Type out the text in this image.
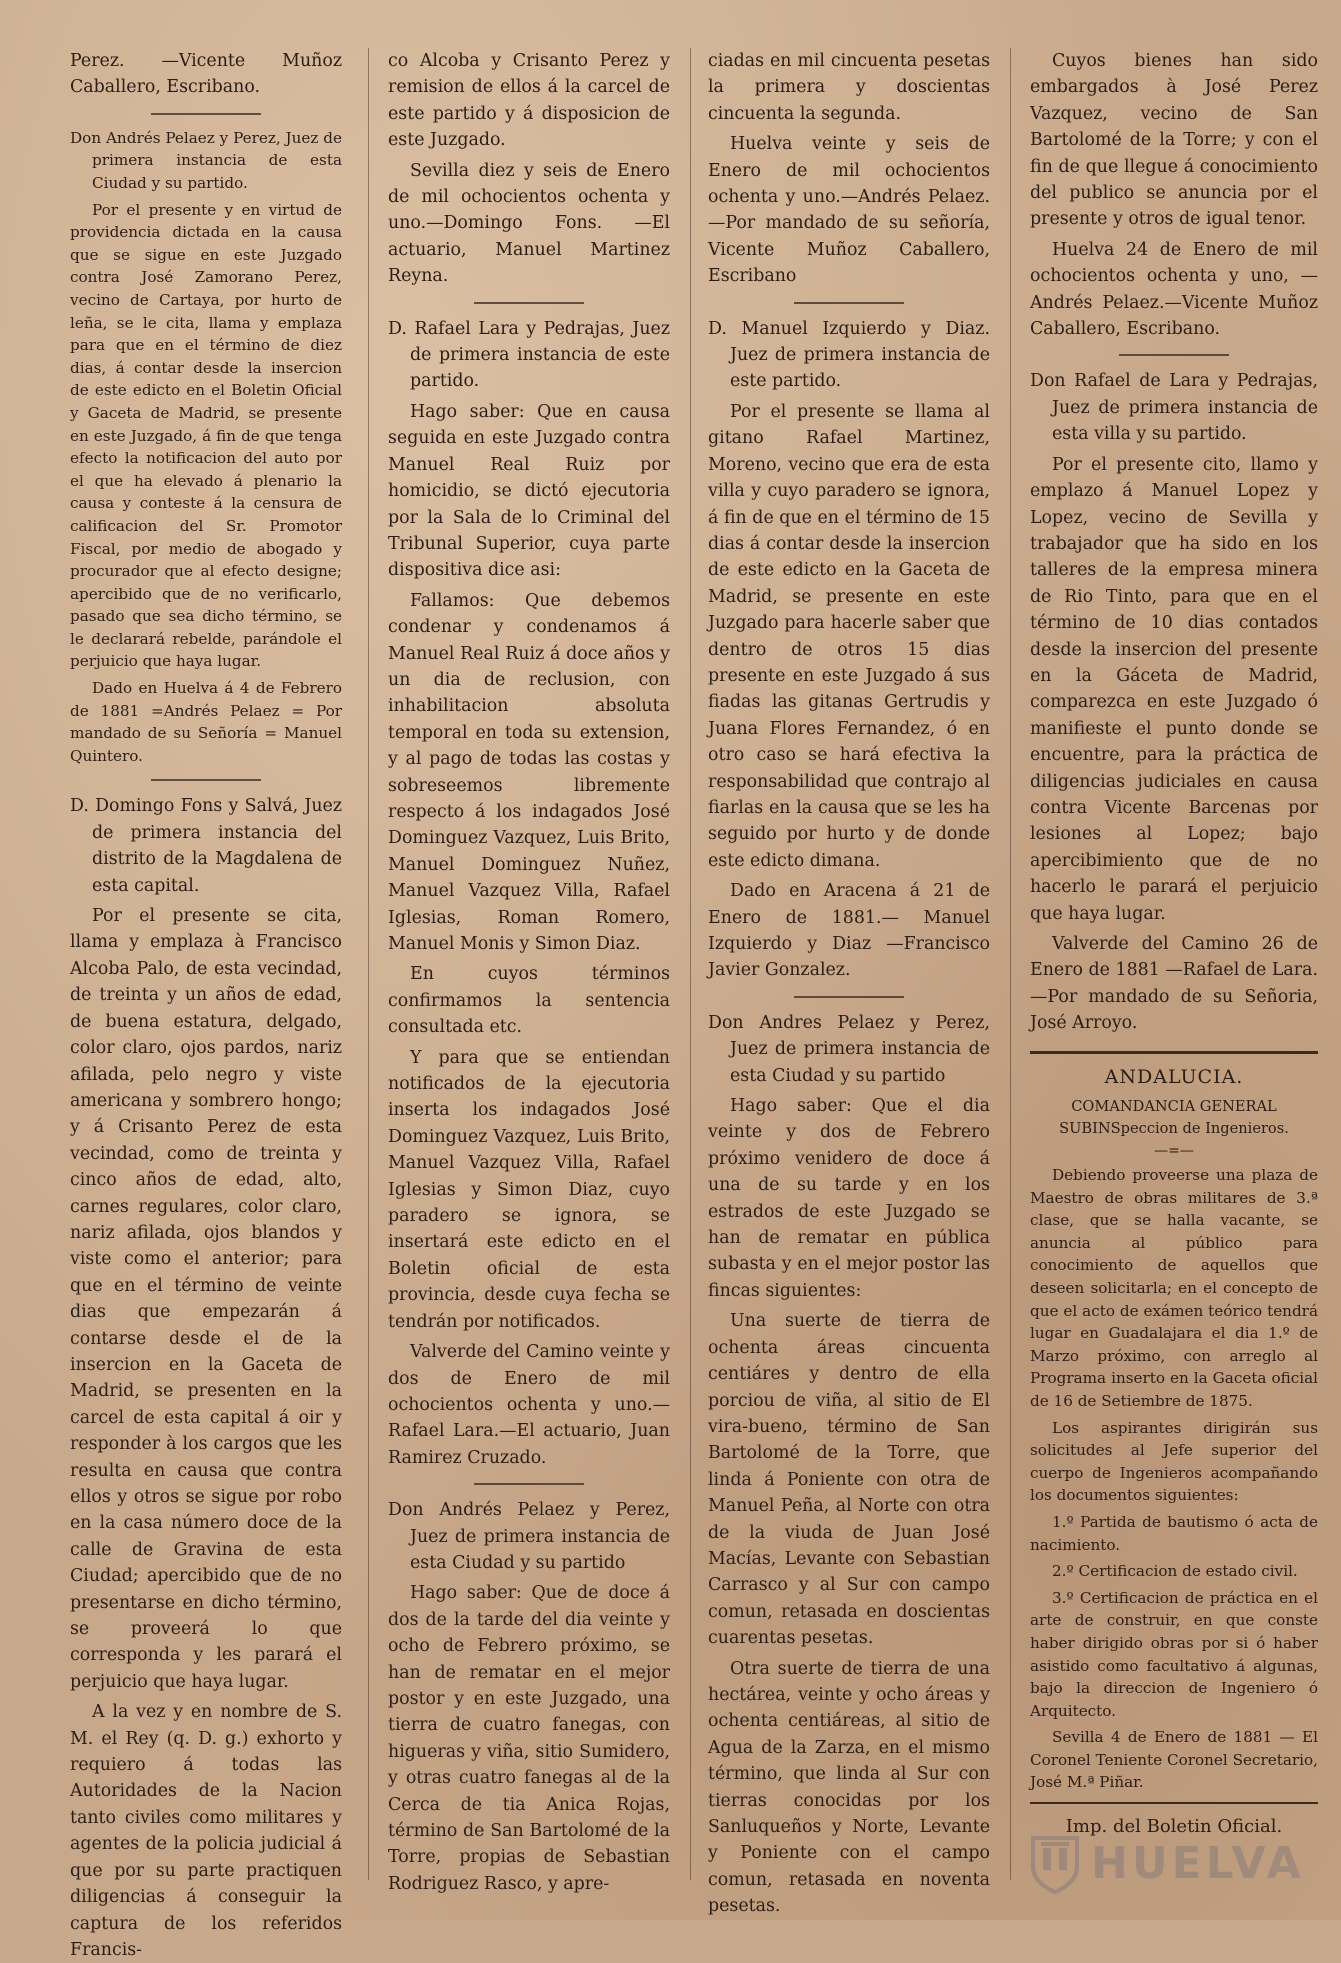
Perez. —Vicente Muñoz Caballero, Escribano.

Don Andrés Pelaez y Perez, Juez de primera instancia de esta Ciudad y su partido.

Por el presente y en virtud de providencia dictada en la causa que se sigue en este Juzgado contra José Zamorano Perez, vecino de Cartaya, por hurto de leña, se le cita, llama y emplaza para que en el término de diez dias, á contar desde la insercion de este edicto en el Boletin Oficial y Gaceta de Madrid, se presente en este Juzgado, á fin de que tenga efecto la notificacion del auto por el que ha elevado á plenario la causa y conteste á la censura de calificacion del Sr. Promotor Fiscal, por medio de abogado y procurador que al efecto designe; apercibido que de no verificarlo, pasado que sea dicho término, se le declarará rebelde, parándole el perjuicio que haya lugar.

Dado en Huelva á 4 de Febrero de 1881 =Andrés Pelaez = Por mandado de su Señoría = Manuel Quintero.

D. Domingo Fons y Salvá, Juez de primera instancia del distrito de la Magdalena de esta capital.

Por el presente se cita, llama y emplaza à Francisco Alcoba Palo, de esta vecindad, de treinta y un años de edad, de buena estatura, delgado, color claro, ojos pardos, nariz afilada, pelo negro y viste americana y sombrero hongo; y á Crisanto Perez de esta vecindad, como de treinta y cinco años de edad, alto, carnes regulares, color claro, nariz afilada, ojos blandos y viste como el anterior; para que en el término de veinte dias que empezarán á contarse desde el de la insercion en la Gaceta de Madrid, se presenten en la carcel de esta capital á oir y responder à los cargos que les resulta en causa que contra ellos y otros se sigue por robo en la casa número doce de la calle de Gravina de esta Ciudad; apercibido que de no presentarse en dicho término, se proveerá lo que corresponda y les parará el perjuicio que haya lugar.

A la vez y en nombre de S. M. el Rey (q. D. g.) exhorto y requiero á todas las Autoridades de la Nacion tanto civiles como militares y agentes de la policia judicial á que por su parte practiquen diligencias á conseguir la captura de los referidos Francis-

co Alcoba y Crisanto Perez y remision de ellos á la carcel de este partido y á disposicion de este Juzgado.

Sevilla diez y seis de Enero de mil ochocientos ochenta y uno.—Domingo Fons. —El actuario, Manuel Martinez Reyna.

D. Rafael Lara y Pedrajas, Juez de primera instancia de este partido.

Hago saber: Que en causa seguida en este Juzgado contra Manuel Real Ruiz por homicidio, se dictó ejecutoria por la Sala de lo Criminal del Tribunal Superior, cuya parte dispositiva dice asi:

Fallamos: Que debemos condenar y condenamos á Manuel Real Ruiz á doce años y un dia de reclusion, con inhabilitacion absoluta temporal en toda su extension, y al pago de todas las costas y sobreseemos libremente respecto á los indagados José Dominguez Vazquez, Luis Brito, Manuel Dominguez Nuñez, Manuel Vazquez Villa, Rafael Iglesias, Roman Romero, Manuel Monis y Simon Diaz.

En cuyos términos confirmamos la sentencia consultada etc.

Y para que se entiendan notificados de la ejecutoria inserta los indagados José Dominguez Vazquez, Luis Brito, Manuel Vazquez Villa, Rafael Iglesias y Simon Diaz, cuyo paradero se ignora, se insertará este edicto en el Boletin oficial de esta provincia, desde cuya fecha se tendrán por notificados.

Valverde del Camino veinte y dos de Enero de mil ochocientos ochenta y uno.— Rafael Lara.—El actuario, Juan Ramirez Cruzado.

Don Andrés Pelaez y Perez, Juez de primera instancia de esta Ciudad y su partido

Hago saber: Que de doce á dos de la tarde del dia veinte y ocho de Febrero próximo, se han de rematar en el mejor postor y en este Juzgado, una tierra de cuatro fanegas, con higueras y viña, sitio Sumidero, y otras cuatro fanegas al de la Cerca de tia Anica Rojas, término de San Bartolomé de la Torre, propias de Sebastian Rodriguez Rasco, y apre-

ciadas en mil cincuenta pesetas la primera y doscientas cincuenta la segunda.

Huelva veinte y seis de Enero de mil ochocientos ochenta y uno.—Andrés Pelaez.—Por mandado de su señoría, Vicente Muñoz Caballero, Escribano

D. Manuel Izquierdo y Diaz. Juez de primera instancia de este partido.

Por el presente se llama al gitano Rafael Martinez, Moreno, vecino que era de esta villa y cuyo paradero se ignora, á fin de que en el término de 15 dias á contar desde la insercion de este edicto en la Gaceta de Madrid, se presente en este Juzgado para hacerle saber que dentro de otros 15 dias presente en este Juzgado á sus fiadas las gitanas Gertrudis y Juana Flores Fernandez, ó en otro caso se hará efectiva la responsabilidad que contrajo al fiarlas en la causa que se les ha seguido por hurto y de donde este edicto dimana.

Dado en Aracena á 21 de Enero de 1881.— Manuel Izquierdo y Diaz —Francisco Javier Gonzalez.

Don Andres Pelaez y Perez, Juez de primera instancia de esta Ciudad y su partido

Hago saber: Que el dia veinte y dos de Febrero próximo venidero de doce á una de su tarde y en los estrados de este Juzgado se han de rematar en pública subasta y en el mejor postor las fincas siguientes:

Una suerte de tierra de ochenta áreas cincuenta centiáres y dentro de ella porciou de viña, al sitio de El vira-bueno, término de San Bartolomé de la Torre, que linda á Poniente con otra de Manuel Peña, al Norte con otra de la viuda de Juan José Macías, Levante con Sebastian Carrasco y al Sur con campo comun, retasada en doscientas cuarentas pesetas.

Otra suerte de tierra de una hectárea, veinte y ocho áreas y ochenta centiáreas, al sitio de Agua de la Zarza, en el mismo término, que linda al Sur con tierras conocidas por los Sanluqueños y Norte, Levante y Poniente con el campo comun, retasada en noventa pesetas.

Cuyos bienes han sido embargados à José Perez Vazquez, vecino de San Bartolomé de la Torre; y con el fin de que llegue á conocimiento del publico se anuncia por el presente y otros de igual tenor.

Huelva 24 de Enero de mil ochocientos ochenta y uno, —Andrés Pelaez.—Vicente Muñoz Caballero, Escribano.

Don Rafael de Lara y Pedrajas, Juez de primera instancia de esta villa y su partido.

Por el presente cito, llamo y emplazo á Manuel Lopez y Lopez, vecino de Sevilla y trabajador que ha sido en los talleres de la empresa minera de Rio Tinto, para que en el término de 10 dias contados desde la insercion del presente en la Gáceta de Madrid, comparezca en este Juzgado ó manifieste el punto donde se encuentre, para la práctica de diligencias judiciales en causa contra Vicente Barcenas por lesiones al Lopez; bajo apercibimiento que de no hacerlo le parará el perjuicio que haya lugar.

Valverde del Camino 26 de Enero de 1881 —Rafael de Lara.—Por mandado de su Señoria, José Arroyo.

ANDALUCIA.
COMANDANCIA GENERAL SUBINSpeccion de Ingenieros.
—=—

Debiendo proveerse una plaza de Maestro de obras militares de 3.ª clase, que se halla vacante, se anuncia al público para conocimiento de aquellos que deseen solicitarla; en el concepto de que el acto de exámen teórico tendrá lugar en Guadalajara el dia 1.º de Marzo próximo, con arreglo al Programa inserto en la Gaceta oficial de 16 de Setiembre de 1875.

Los aspirantes dirigirán sus solicitudes al Jefe superior del cuerpo de Ingenieros acompañando los documentos siguientes:

1.º Partida de bautismo ó acta de nacimiento.

2.º Certificacion de estado civil.

3.º Certificacion de práctica en el arte de construir, en que conste haber dirigido obras por si ó haber asistido como facultativo á algunas, bajo la direccion de Ingeniero ó Arquitecto.

Sevilla 4 de Enero de 1881 — El Coronel Teniente Coronel Secretario, José M.ª Piñar.

Imp. del Boletin Oficial.
HUELVA
